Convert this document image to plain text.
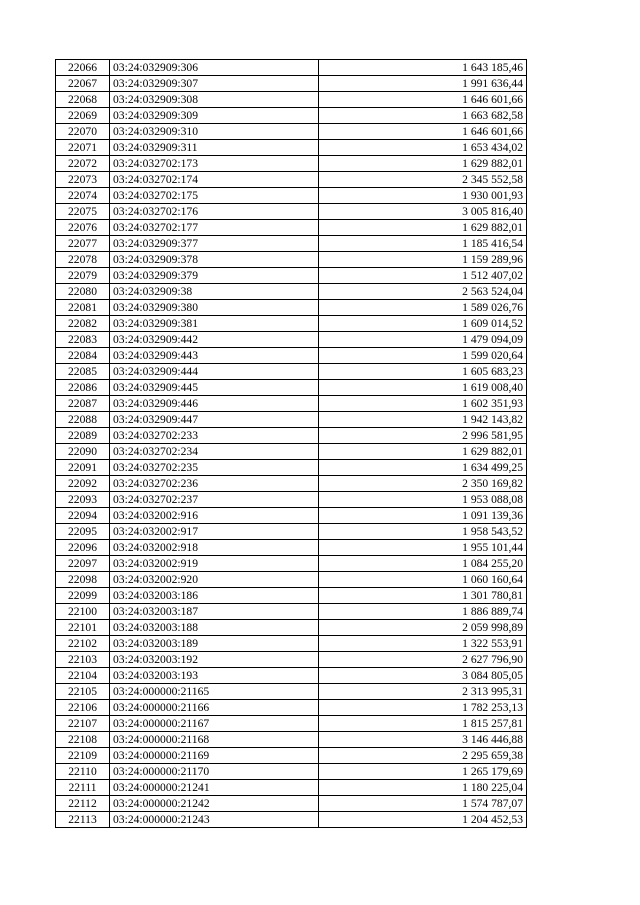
22066	03:24:032909:306	1 643 185,46
22067	03:24:032909:307	1 991 636,44
22068	03:24:032909:308	1 646 601,66
22069	03:24:032909:309	1 663 682,58
22070	03:24:032909:310	1 646 601,66
22071	03:24:032909:311	1 653 434,02
22072	03:24:032702:173	1 629 882,01
22073	03:24:032702:174	2 345 552,58
22074	03:24:032702:175	1 930 001,93
22075	03:24:032702:176	3 005 816,40
22076	03:24:032702:177	1 629 882,01
22077	03:24:032909:377	1 185 416,54
22078	03:24:032909:378	1 159 289,96
22079	03:24:032909:379	1 512 407,02
22080	03:24:032909:38	2 563 524,04
22081	03:24:032909:380	1 589 026,76
22082	03:24:032909:381	1 609 014,52
22083	03:24:032909:442	1 479 094,09
22084	03:24:032909:443	1 599 020,64
22085	03:24:032909:444	1 605 683,23
22086	03:24:032909:445	1 619 008,40
22087	03:24:032909:446	1 602 351,93
22088	03:24:032909:447	1 942 143,82
22089	03:24:032702:233	2 996 581,95
22090	03:24:032702:234	1 629 882,01
22091	03:24:032702:235	1 634 499,25
22092	03:24:032702:236	2 350 169,82
22093	03:24:032702:237	1 953 088,08
22094	03:24:032002:916	1 091 139,36
22095	03:24:032002:917	1 958 543,52
22096	03:24:032002:918	1 955 101,44
22097	03:24:032002:919	1 084 255,20
22098	03:24:032002:920	1 060 160,64
22099	03:24:032003:186	1 301 780,81
22100	03:24:032003:187	1 886 889,74
22101	03:24:032003:188	2 059 998,89
22102	03:24:032003:189	1 322 553,91
22103	03:24:032003:192	2 627 796,90
22104	03:24:032003:193	3 084 805,05
22105	03:24:000000:21165	2 313 995,31
22106	03:24:000000:21166	1 782 253,13
22107	03:24:000000:21167	1 815 257,81
22108	03:24:000000:21168	3 146 446,88
22109	03:24:000000:21169	2 295 659,38
22110	03:24:000000:21170	1 265 179,69
22111	03:24:000000:21241	1 180 225,04
22112	03:24:000000:21242	1 574 787,07
22113	03:24:000000:21243	1 204 452,53
